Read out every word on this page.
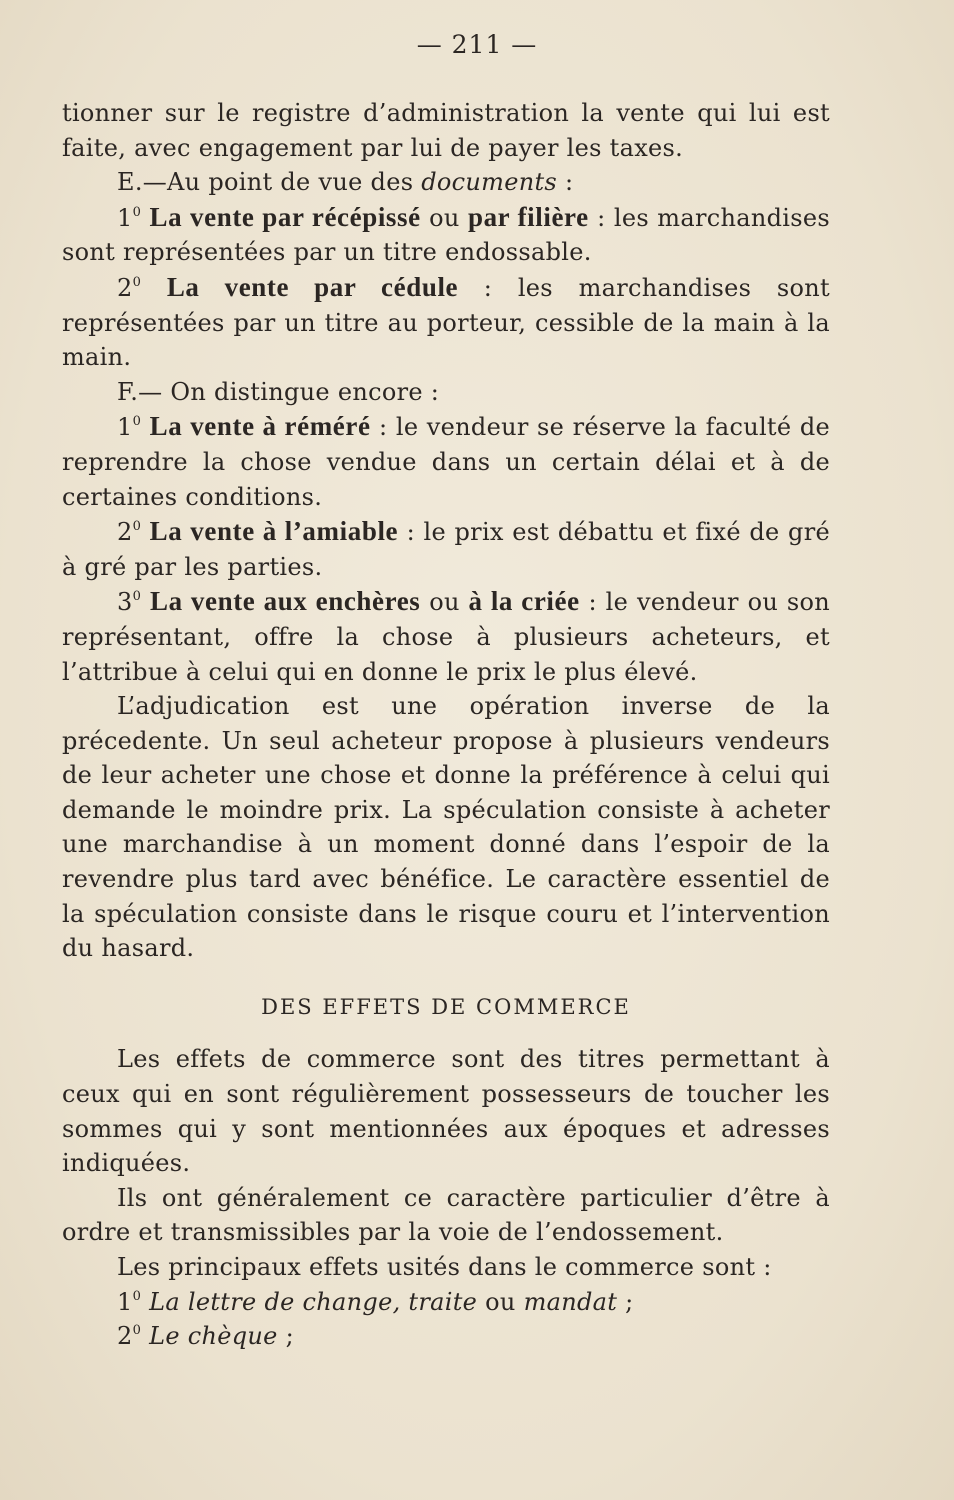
— 211 —

tionner sur le registre d’administration la vente qui lui est faite, avec engagement par lui de payer les taxes.

E.—Au point de vue des documents :

$1^0$ La vente par récépissé ou par filière : les marchandises sont représentées par un titre endossable.

$2^0$ La vente par cédule : les marchandises sont représentées par un titre au porteur, cessible de la main à la main.

F.— On distingue encore :

$1^0$ La vente à réméré : le vendeur se réserve la faculté de reprendre la chose vendue dans un certain délai et à de certaines conditions.

$2^0$ La vente à l’amiable : le prix est débattu et fixé de gré à gré par les parties.

$3^0$ La vente aux enchères ou à la criée : le vendeur ou son représentant, offre la chose à plusieurs acheteurs, et l’attribue à celui qui en donne le prix le plus élevé.

L’adjudication est une opération inverse de la précedente. Un seul acheteur propose à plusieurs vendeurs de leur acheter une chose et donne la préférence à celui qui demande le moindre prix. La spéculation consiste à acheter une marchandise à un moment donné dans l’espoir de la revendre plus tard avec bénéfice. Le caractère essentiel de la spéculation consiste dans le risque couru et l’intervention du hasard.

DES EFFETS DE COMMERCE

Les effets de commerce sont des titres permettant à ceux qui en sont régulièrement possesseurs de toucher les sommes qui y sont mentionnées aux époques et adresses indiquées.

Ils ont généralement ce caractère particulier d’être à ordre et transmissibles par la voie de l’endossement.

Les principaux effets usités dans le commerce sont :

$1^0$ La lettre de change, traite ou mandat ;

$2^0$ Le chèque ;
